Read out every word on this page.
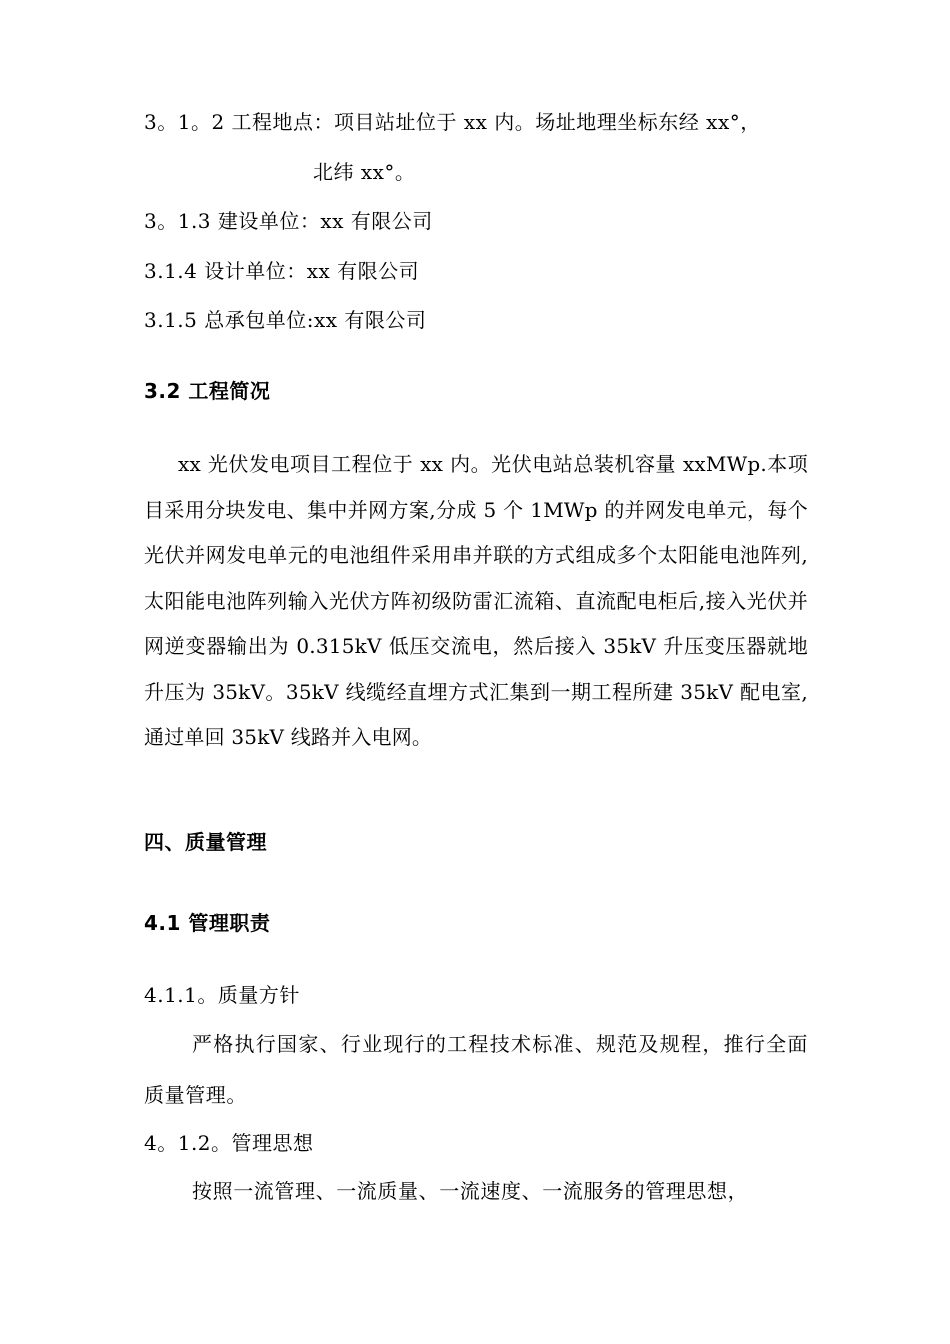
3。1。2 工程地点：项目站址位于 xx 内。场址地理坐标东经 xx°，
北纬 xx°。
3。1.3 建设单位：xx 有限公司
3.1.4 设计单位：xx 有限公司
3.1.5 总承包单位:xx 有限公司
3.2 工程简况

xx 光伏发电项目工程位于 xx 内。光伏电站总装机容量 xxMWp.本项目采用分块发电、集中并网方案,分成 5 个 1MWp 的并网发电单元，每个光伏并网发电单元的电池组件采用串并联的方式组成多个太阳能电池阵列,太阳能电池阵列输入光伏方阵初级防雷汇流箱、直流配电柜后,接入光伏并网逆变器输出为 0.315kV 低压交流电，然后接入 35kV 升压变压器就地升压为 35kV。35kV 线缆经直埋方式汇集到一期工程所建 35kV 配电室,通过单回 35kV 线路并入电网。

四、质量管理
4.1 管理职责
4.1.1。质量方针

严格执行国家、行业现行的工程技术标准、规范及规程，推行全面质量管理。

4。1.2。管理思想

按照一流管理、一流质量、一流速度、一流服务的管理思想，
